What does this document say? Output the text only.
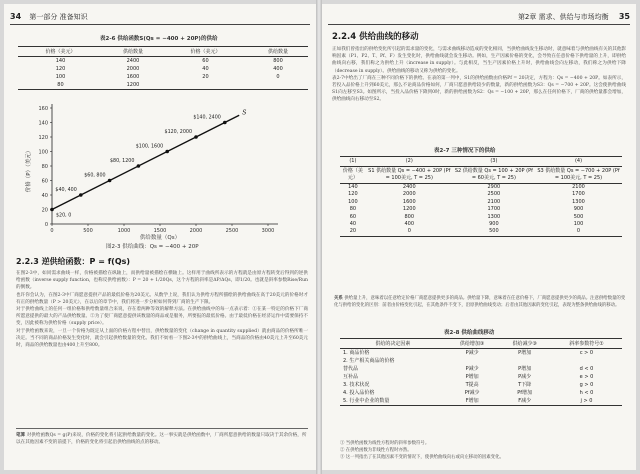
34 第一部分 准备知识
表2-6 供给函数S(Qs = −400 + 20P)的供给
价格（美元）	供给数量	价格（美元）	供给数量
140	2400	60	800
120	2000	40	400
100	1600	20	0
80	1200		
价格（P）（美元）
供给数量（Qs）
0
20
40
60
80
100
120
140
160
0	500	1000	1500	2000	2500	3000
S
$20, 0
$40, 400
$60, 800
$80, 1200
$100, 1600
$120, 2000
$140, 2400
图2-3 供给曲线：Qs = −400 + 20P
2.2.3 逆供给函数：P = f(Qs)

在图2-3中，如同需求曲线一样，价格被描绘在纵轴上，而供给量被描绘在横轴上。这样用于曲线所表示的方程就是由原方程转变后得到的逆供给函数（inverse supply function，也称反供给函数）：P = 20 + 1/20Qs，这个方程的斜率是ΔP/ΔQs，即1/20。也就是斜率参数Rise/Run的倒数。

也许你会认为，在图2-3中厂商愿意提供产品的最低价格为20美元。从数学上说，我们认为供给方程所描绘的供给曲线在高于20美元的价格时才有正的供给数量（P > 20美元），在以后的章节中，我们将进一步分析如何得到厂商的生产下限。

对于供给曲线上的任何一组价格和供给数量组合来说，存在着两种等效的解释方法。在供给曲线中的每一点表示着：①在某一特定的价格下厂商所愿意提供的最大的产品供给数量。②为了使厂商愿意提供该数量的商品或是服务，所要报的最低价格。由于最低价格在经济运作中需要保持不变，因此被称为供给价格（supply price）。

对于供给函数来说，一旦一个价格为既定从上面的价格方程中替出，供给数量的变化（change in quantity supplied）就由商品的价格所唯一决定。当不同的商品价格发生变化时，就会引起供给数量的变化。我们不妨看一下图2-3中的供给曲线上，当商品的价格由40美元上升至60美元时，商品的供给数量也由400上升至800。

笔算 对供给函数Qs = g(P)来说，价格的变化将引起供给数量的变化。这一事实就是供给函数中，厂商所愿意供给的数量只取决于其余价格，所以在其他因素不变的前提下，价格的变化将引起沿供给曲线的点的移动。
第2章 需求、供给与市场均衡 35
2.2.4 供给曲线的移动

正如我们曾指出的供给变化所引起的需求量的变化，与需求曲线移动造成的变化相同，当供给曲线发生移动时，就意味着与供给曲线有关的其他影响因素（P1、P2、T、Pf、F）发生变化时，供给曲线就会发生移动。例如，生产因素价格的变化，会导致在任意价格下供给量的上升，即供给曲线向右移，我们称之为供给上升（increase in supply）。与此相反，当生产因素价格上升时，供给曲线会向左移动，我们称之为供给下降（decrease in supply）。供给曲线的移动又称为供给的变化。

表2-7中给出了厂商在三种不同价格下的供给。在表的第一列中，S1的供给函数由价格Pf = 20决定，方程为：Qs = −400 + 20P。如表所示，若投入品价格上升到60美元，那么不论商品价格如何，厂商只愿意供给较少的数量，新的供给函数为S3：Qs = −700 + 20P。这会使供给曲线S1向左移至S3。如图所示，当投入品价格下降到0时，新的供给函数为S2：Qs = −100 + 20P，那么在任何价格下，厂商的供给量都会增加，供给曲线向右移动至S2。

表2-7 三种情况下的供给
(1)	(2)	(3)	(4)
价格（美元）	S1 供给数量 Qs = −400 + 20P (Pf = 100美元, T = 25)	S2 供给数量 Qs = 100 + 20P (Pf = 60美元, T = 25)	S3 供给数量 Qs = −700 + 20P (Pf = 100美元, T = 25)
140	2400	2900	2100
120	2000	2500	1700
100	1600	2100	1300
80	1200	1700	900
60	800	1300	500
40	400	900	100
20	0	500	0
关系 供给量上升，意味着以任意给定价格厂商愿意提供更多的商品。供给量下降，意味着在任意价格下，厂商愿意提供更少的商品。注意供给数量的变化与供给的变化的区别：前者由价格变化引起，在其他条件不变下，沿原供给曲线变动；后者由其他因素的变化引起，表现为整条供给曲线的移动。
表2-8 供给曲线移动
供给的决定因素	供给增加③	供给减少③	斜率参数符号①
1. 商品价格	P减少	P增加	c > 0
2. 生产相关商品的价格			
替代品	P减少	P增加	d < 0
互补品	P增加	P减少	e > 0
3. 技术状况	T提高	T下降	g > 0
4. 投入品价格	Pf减少	Pf增加	h < 0
5. 行业中企业的数量	F增加	F减少	j > 0
① 当供给函数为线性方程时的斜率参数符号。
② 在供给函数为非线性方程时亦然。
③ 这一列指出了在其他因素不变的情况下，使供给曲线向右或向左移动的因素变化。
